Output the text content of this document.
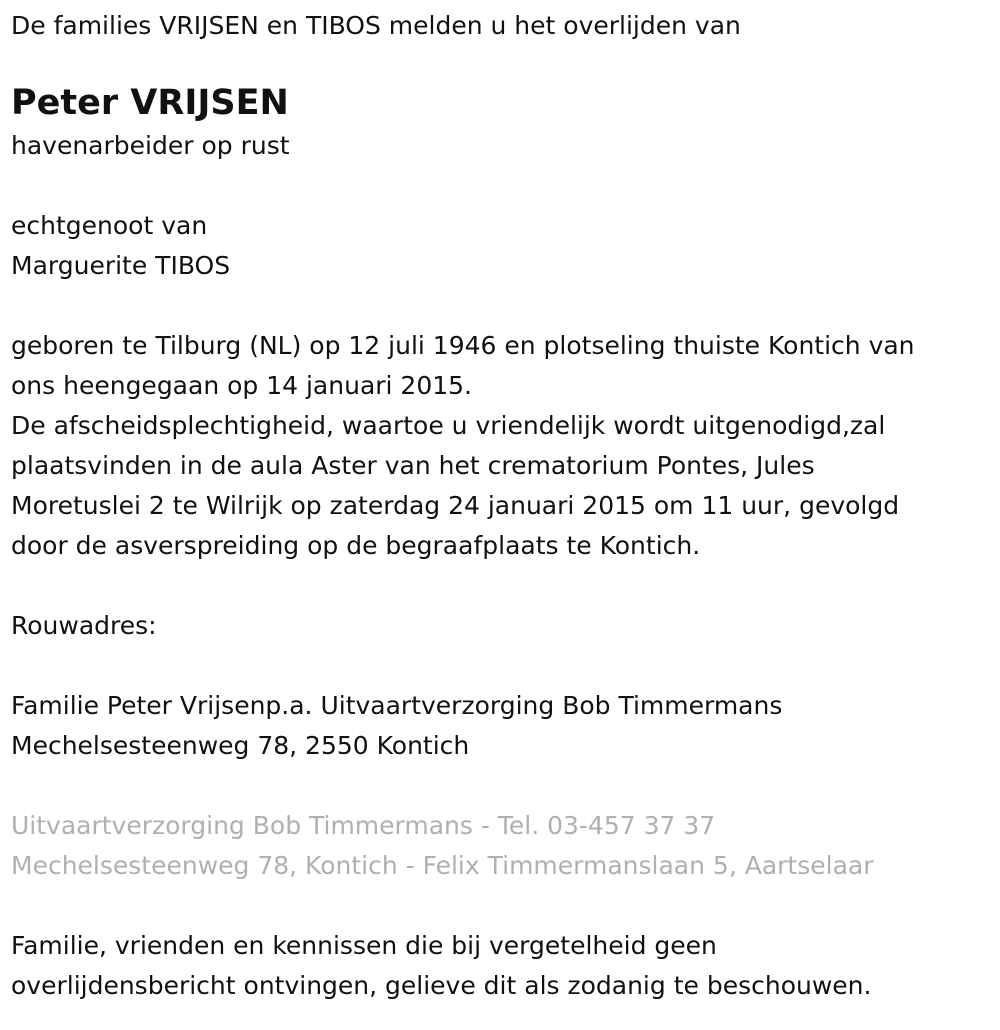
De families VRIJSEN en TIBOS melden u het overlijden van

Peter VRIJSEN

havenarbeider op rust

echtgenoot van

Marguerite TIBOS

geboren te Tilburg (NL) op 12 juli 1946 en plotseling thuiste Kontich van

ons heengegaan op 14 januari 2015.

De afscheidsplechtigheid, waartoe u vriendelijk wordt uitgenodigd,zal

plaatsvinden in de aula Aster van het crematorium Pontes, Jules

Moretuslei 2 te Wilrijk op zaterdag 24 januari 2015 om 11 uur, gevolgd

door de asverspreiding op de begraafplaats te Kontich.

Rouwadres:

Familie Peter Vrijsenp.a. Uitvaartverzorging Bob Timmermans

Mechelsesteenweg 78, 2550 Kontich

Uitvaartverzorging Bob Timmermans - Tel. 03-457 37 37

Mechelsesteenweg 78, Kontich - Felix Timmermanslaan 5, Aartselaar

Familie, vrienden en kennissen die bij vergetelheid geen

overlijdensbericht ontvingen, gelieve dit als zodanig te beschouwen.
